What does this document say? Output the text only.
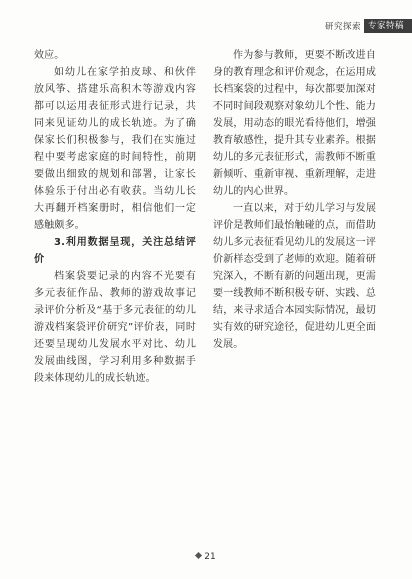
研究探索 专家特稿

效应。

如幼儿在家学拍皮球、和伙伴放风筝、搭建乐高积木等游戏内容都可以运用表征形式进行记录，共同来见证幼儿的成长轨迹。为了确保家长们积极参与，我们在实施过程中要考虑家庭的时间特性，前期要做出细致的规划和部署，让家长体验乐于付出必有收获。当幼儿长大再翻开档案册时，相信他们一定感触颇多。

3.利用数据呈现，关注总结评价

档案袋要记录的内容不光要有多元表征作品、教师的游戏故事记录评价分析及“基于多元表征的幼儿游戏档案袋评价研究”评价表，同时还要呈现幼儿发展水平对比、幼儿发展曲线图，学习利用多种数据手段来体现幼儿的成长轨迹。

作为参与教师，更要不断改进自身的教育理念和评价观念，在运用成长档案袋的过程中，每次都要加深对不同时间段观察对象幼儿个性、能力发展，用动态的眼光看待他们，增强教育敏感性，提升其专业素养。根据幼儿的多元表征形式，需教师不断重新倾听、重新审视、重新理解，走进幼儿的内心世界。

一直以来，对于幼儿学习与发展评价是教师们最怡触碰的点，而借助幼儿多元表征看见幼儿的发展这一评价新样态受到了老师的欢迎。随着研究深入，不断有新的问题出现，更需要一线教师不断积极专研、实践、总结，来寻求适合本园实际情况，最切实有效的研究途径，促进幼儿更全面发展。

21
